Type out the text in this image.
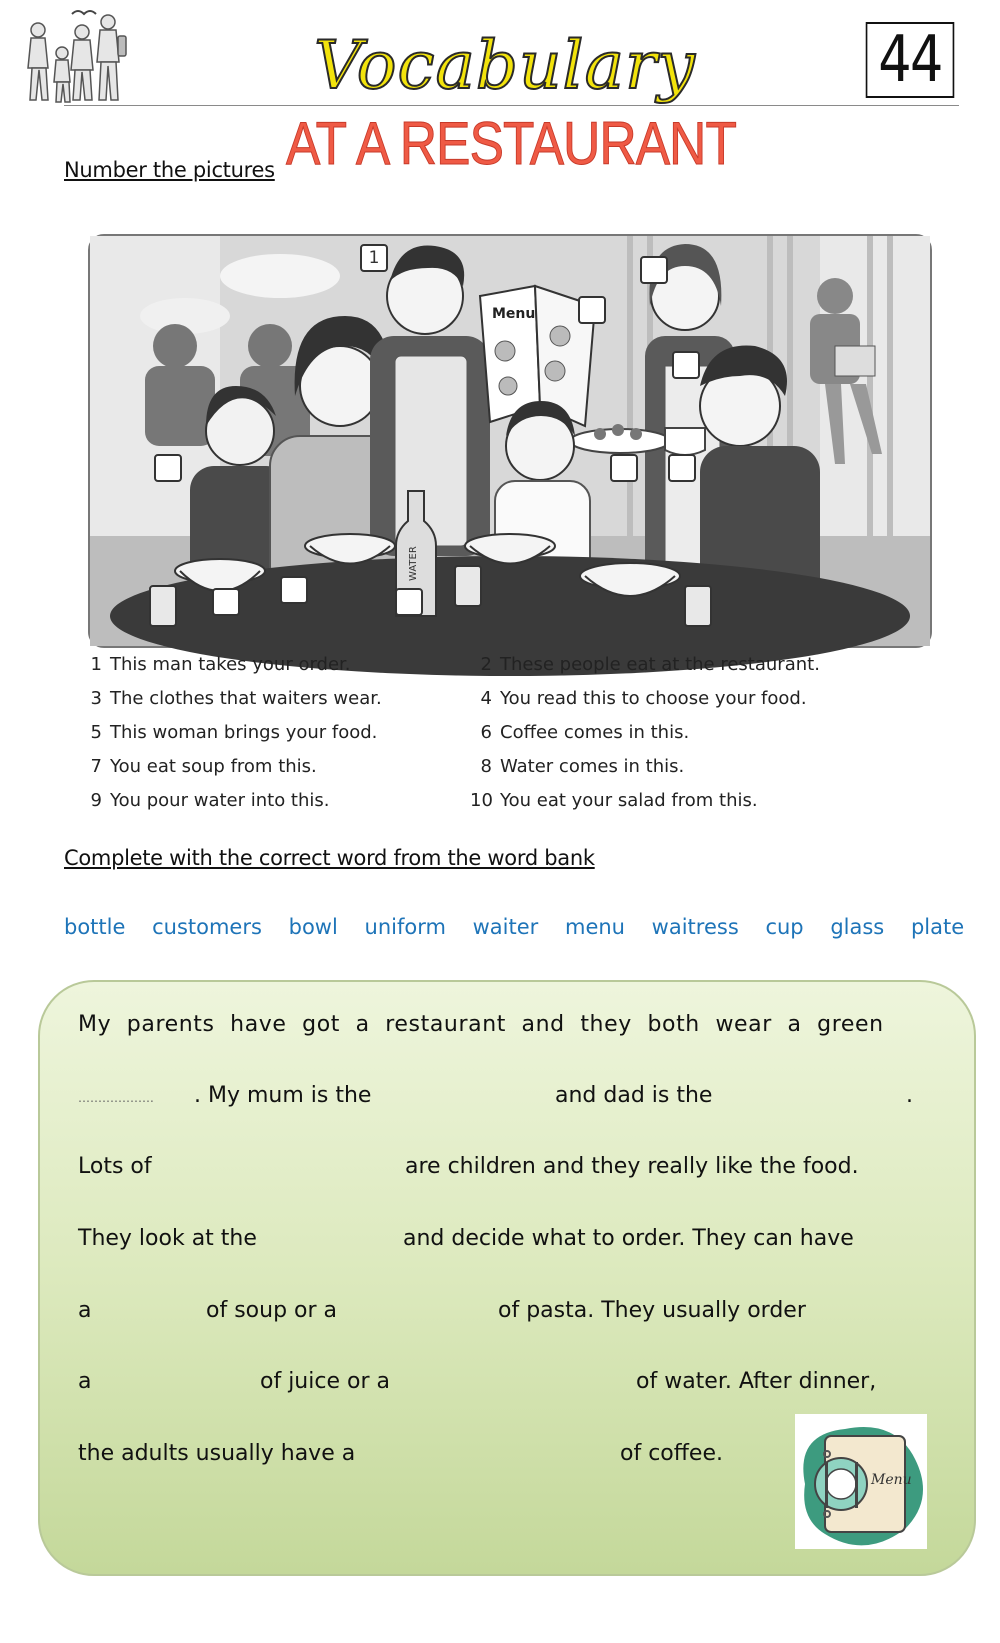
Vocabulary	44
AT A RESTAURANT
Number the pictures
Menu
WATER
1
1 This man takes your order.	2 These people eat at the restaurant.
3 The clothes that waiters wear.	4 You read this to choose your food.
5 This woman brings your food.	6 Coffee comes in this.
7 You eat soup from this.	8 Water comes in this.
9 You pour water into this.	10 You eat your salad from this.
Complete with the correct word from the word bank
bottle customers bowl uniform waiter menu waitress cup glass plate
My parents have got a restaurant and they both wear a green
………………. . My mum is the	and dad is the	.
Lots of	are children and they really like the food.
They look at the	and decide what to order. They can have
a	of soup or a	of pasta. They usually order
a	of juice or a	of water. After dinner,
the adults usually have a	of coffee.
Menu
